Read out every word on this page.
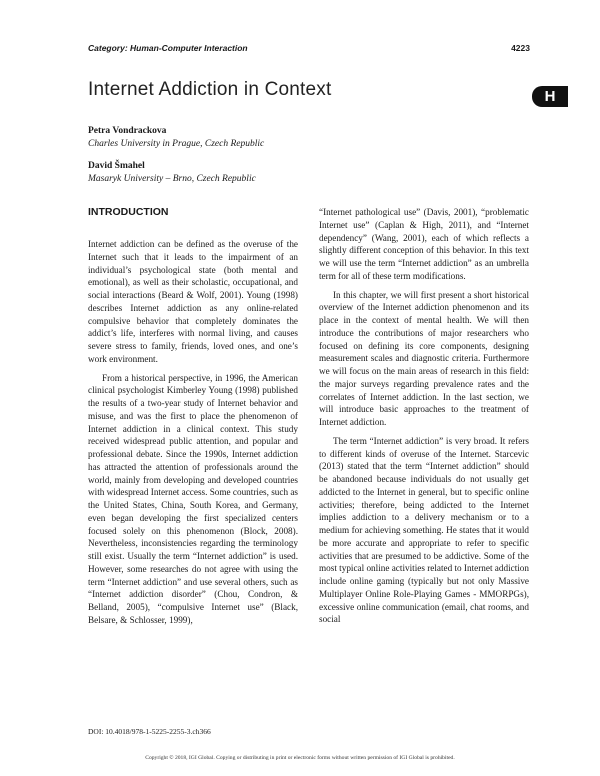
Category: Human-Computer Interaction	4223
Internet Addiction in Context	H
Petra Vondrackova
Charles University in Prague, Czech Republic
David Šmahel
Masaryk University – Brno, Czech Republic
INTRODUCTION

Internet addiction can be defined as the overuse of the Internet such that it leads to the impairment of an individual’s psychological state (both mental and emotional), as well as their scholastic, occupational, and social interactions (Beard & Wolf, 2001). Young (1998) describes Internet addiction as any online-related compulsive behavior that completely dominates the addict’s life, interferes with normal living, and causes severe stress to family, friends, loved ones, and one’s work environment.

From a historical perspective, in 1996, the American clinical psychologist Kimberley Young (1998) published the results of a two-year study of Internet behavior and misuse, and was the first to place the phenomenon of Internet addiction in a clinical context. This study received widespread public attention, and popular and professional debate. Since the 1990s, Internet addiction has attracted the attention of professionals around the world, mainly from developing and developed countries with widespread Internet access. Some countries, such as the United States, China, South Korea, and Germany, even began developing the first specialized centers focused solely on this phenomenon (Block, 2008). Nevertheless, inconsistencies regarding the terminology still exist. Usually the term “Internet addiction” is used. However, some researches do not agree with using the term “Internet addiction” and use several others, such as “Internet addiction disorder” (Chou, Condron, & Belland, 2005), “compulsive Internet use” (Black, Belsare, & Schlosser, 1999),

“Internet pathological use” (Davis, 2001), “problematic Internet use” (Caplan & High, 2011), and “Internet dependency” (Wang, 2001), each of which reflects a slightly different conception of this behavior. In this text we will use the term “Internet addiction” as an umbrella term for all of these term modifications.

In this chapter, we will first present a short historical overview of the Internet addiction phenomenon and its place in the context of mental health. We will then introduce the contributions of major researchers who focused on defining its core components, designing measurement scales and diagnostic criteria. Furthermore we will focus on the main areas of research in this field: the major surveys regarding prevalence rates and the correlates of Internet addiction. In the last section, we will introduce basic approaches to the treatment of Internet addiction.

The term “Internet addiction” is very broad. It refers to different kinds of overuse of the Internet. Starcevic (2013) stated that the term “Internet addiction” should be abandoned because individuals do not usually get addicted to the Internet in general, but to specific online activities; therefore, being addicted to the Internet implies addiction to a delivery mechanism or to a medium for achieving something. He states that it would be more accurate and appropriate to refer to specific activities that are presumed to be addictive. Some of the most typical online activities related to Internet addiction include online gaming (typically but not only Massive Multiplayer Online Role-Playing Games - MMORPGs), excessive online communication (email, chat rooms, and social

DOI: 10.4018/978-1-5225-2255-3.ch366
Copyright © 2018, IGI Global. Copying or distributing in print or electronic forms without written permission of IGI Global is prohibited.
